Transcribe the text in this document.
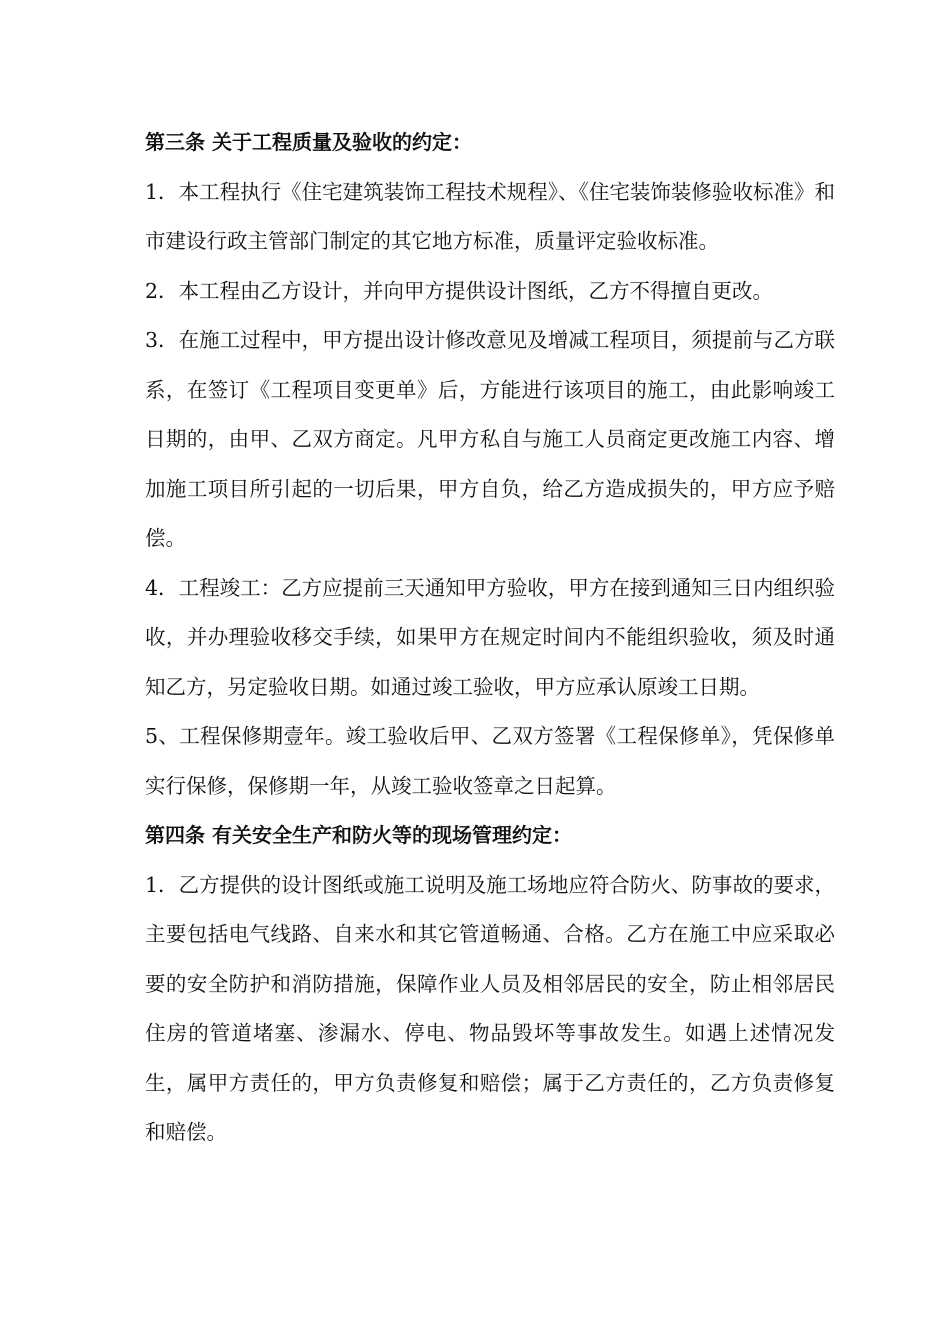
第三条 关于工程质量及验收的约定：

1．本工程执行《住宅建筑装饰工程技术规程》、《住宅装饰装修验收标准》和市建设行政主管部门制定的其它地方标准，质量评定验收标准。

2．本工程由乙方设计，并向甲方提供设计图纸，乙方不得擅自更改。

3．在施工过程中，甲方提出设计修改意见及增减工程项目，须提前与乙方联系，在签订《工程项目变更单》后，方能进行该项目的施工，由此影响竣工日期的，由甲、乙双方商定。凡甲方私自与施工人员商定更改施工内容、增加施工项目所引起的一切后果，甲方自负，给乙方造成损失的，甲方应予赔偿。

4．工程竣工：乙方应提前三天通知甲方验收，甲方在接到通知三日内组织验收，并办理验收移交手续，如果甲方在规定时间内不能组织验收，须及时通知乙方，另定验收日期。如通过竣工验收，甲方应承认原竣工日期。

5、工程保修期壹年。竣工验收后甲、乙双方签署《工程保修单》，凭保修单实行保修，保修期一年，从竣工验收签章之日起算。

第四条 有关安全生产和防火等的现场管理约定：

1．乙方提供的设计图纸或施工说明及施工场地应符合防火、防事故的要求，主要包括电气线路、自来水和其它管道畅通、合格。乙方在施工中应采取必要的安全防护和消防措施，保障作业人员及相邻居民的安全，防止相邻居民住房的管道堵塞、渗漏水、停电、物品毁坏等事故发生。如遇上述情况发生，属甲方责任的，甲方负责修复和赔偿；属于乙方责任的，乙方负责修复和赔偿。
